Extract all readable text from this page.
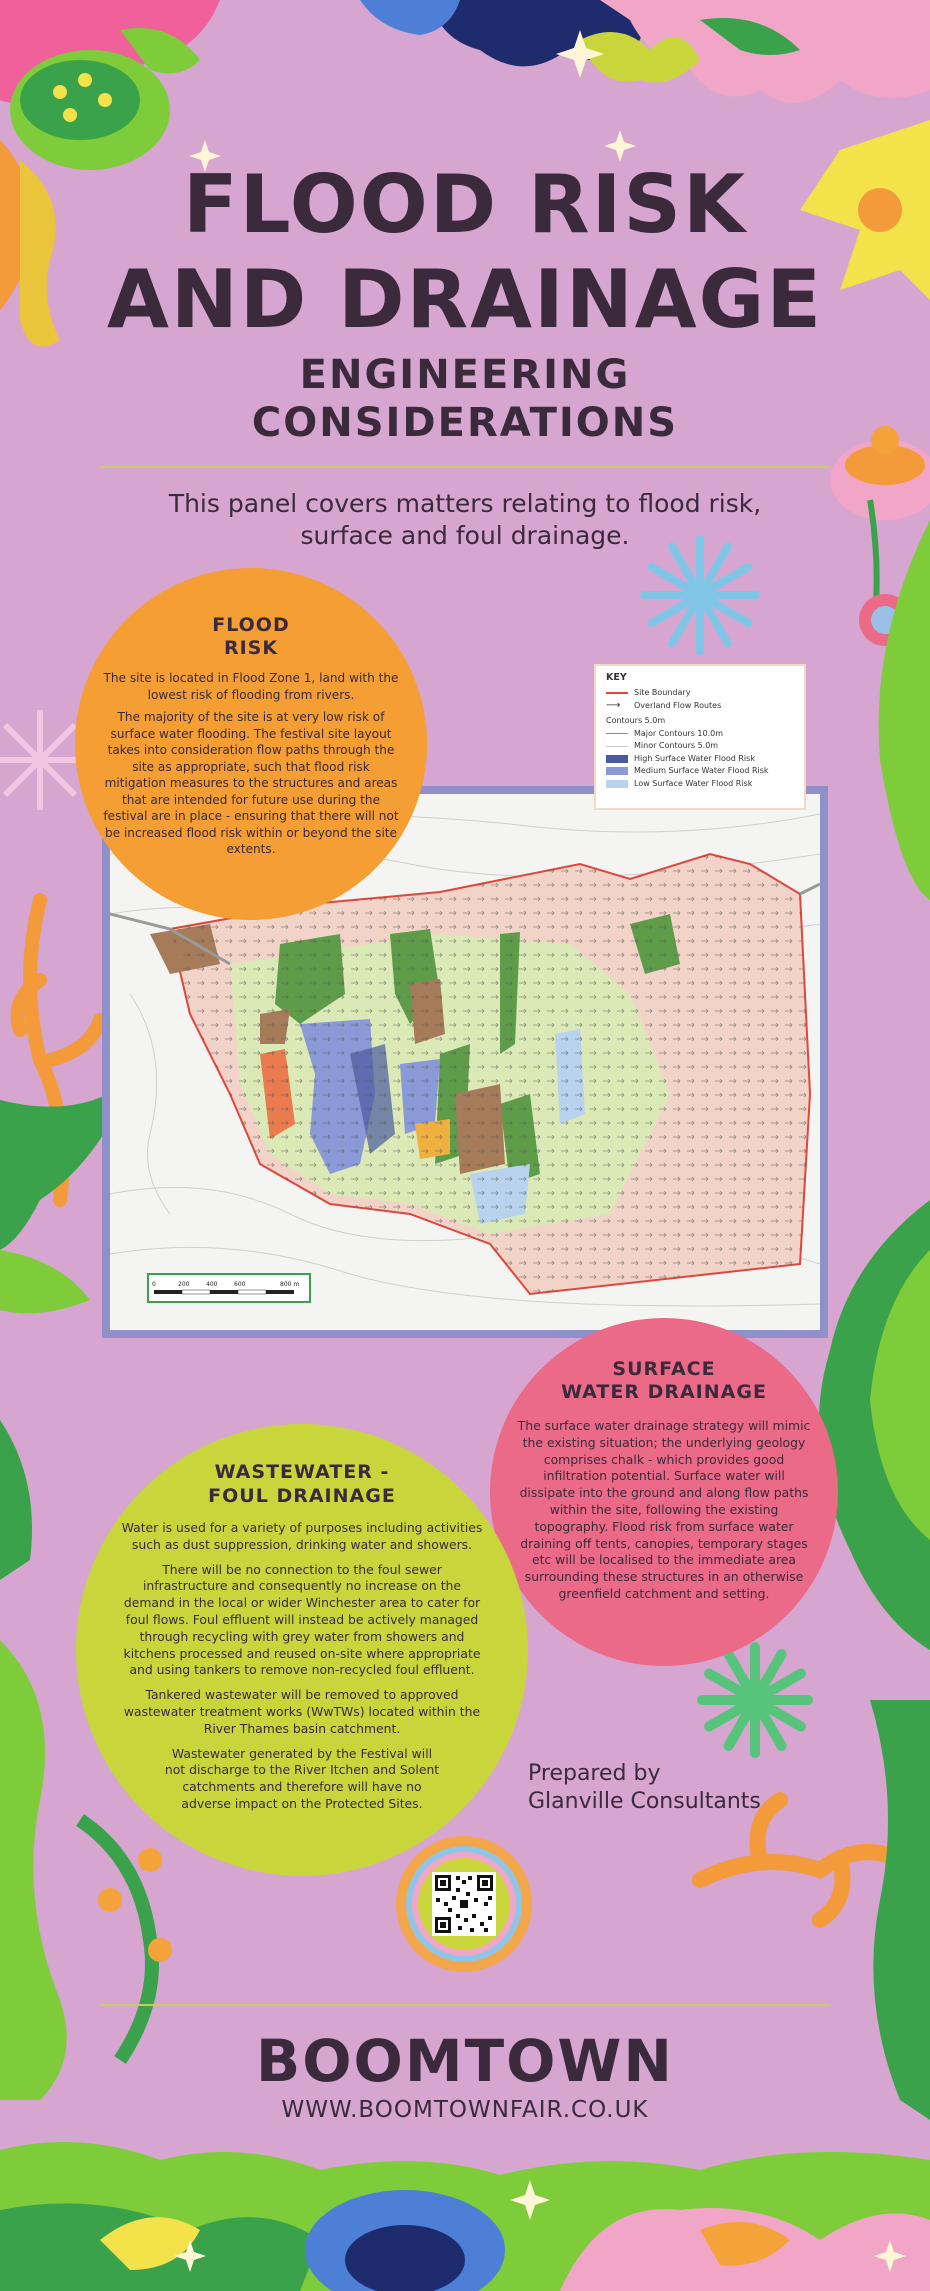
FLOOD RISK
AND DRAINAGE
ENGINEERING
CONSIDERATIONS
This panel covers matters relating to flood risk,
surface and foul drainage.
0	200	400	600	800 m
KEY
Site Boundary
⟶	Overland Flow Routes
Contours 5.0m
Major Contours 10.0m
Minor Contours 5.0m
High Surface Water Flood Risk
Medium Surface Water Flood Risk
Low Surface Water Flood Risk
FLOOD
RISK

The site is located in Flood Zone 1, land with the lowest risk of flooding from rivers.

The majority of the site is at very low risk of surface water flooding. The festival site layout takes into consideration flow paths through the site as appropriate, such that flood risk mitigation measures to the structures and areas that are intended for future use during the festival are in place - ensuring that there will not be increased flood risk within or beyond the site extents.

SURFACE
WATER DRAINAGE

The surface water drainage strategy will mimic the existing situation; the underlying geology comprises chalk - which provides good infiltration potential. Surface water will dissipate into the ground and along flow paths within the site, following the existing topography. Flood risk from surface water draining off tents, canopies, temporary stages etc will be localised to the immediate area surrounding these structures in an otherwise greenfield catchment and setting.

WASTEWATER -
FOUL DRAINAGE

Water is used for a variety of purposes including activities such as dust suppression, drinking water and showers.

There will be no connection to the foul sewer infrastructure and consequently no increase on the demand in the local or wider Winchester area to cater for foul flows. Foul effluent will instead be actively managed through recycling with grey water from showers and kitchens processed and reused on-site where appropriate and using tankers to remove non-recycled foul effluent.

Tankered wastewater will be removed to approved wastewater treatment works (WwTWs) located within the River Thames basin catchment.

Wastewater generated by the Festival will not discharge to the River Itchen and Solent catchments and therefore will have no adverse impact on the Protected Sites.

Prepared by
Glanville Consultants
BOOMTOWN
WWW.BOOMTOWNFAIR.CO.UK
